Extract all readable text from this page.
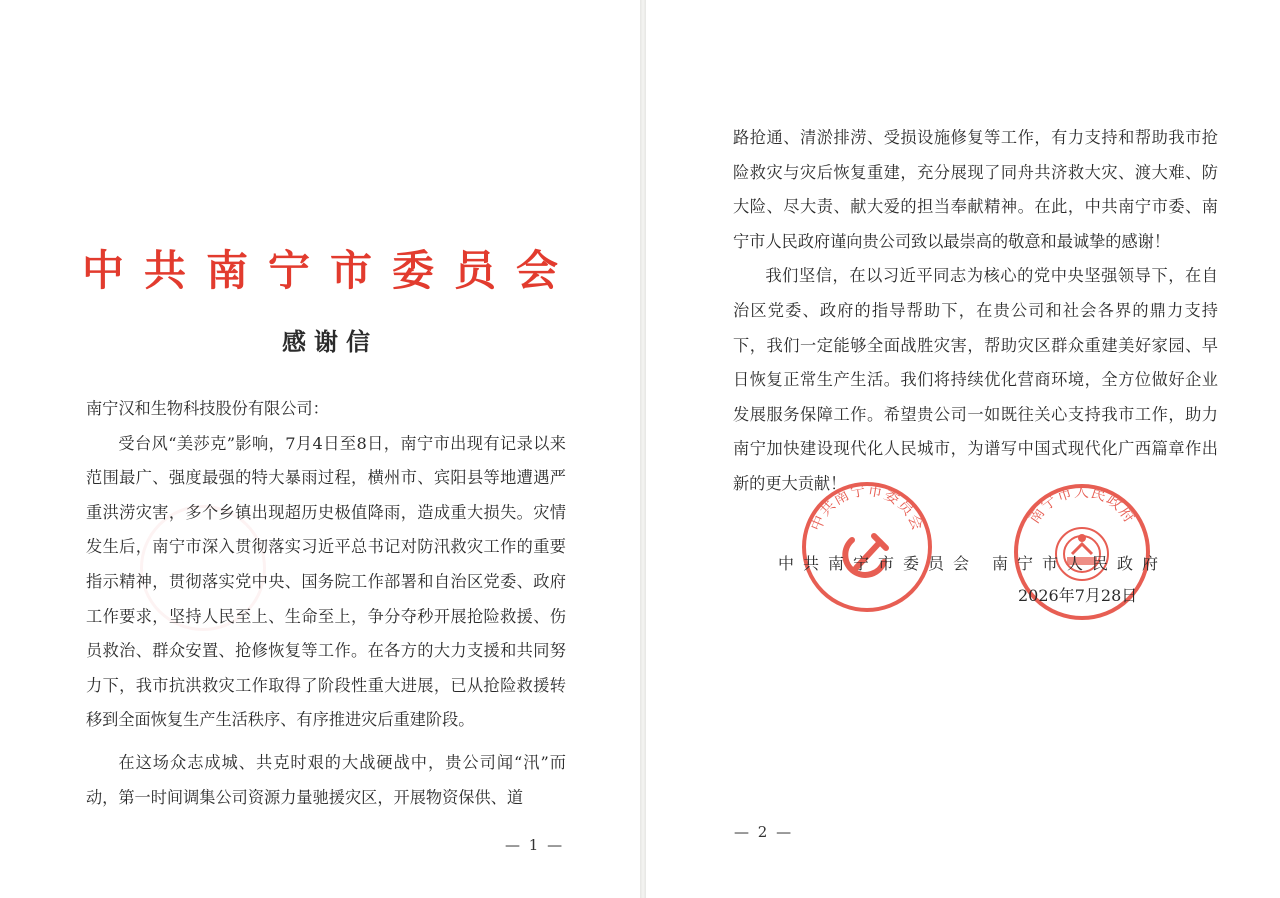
中共南宁市委员会
感谢信

南宁汉和生物科技股份有限公司：

受台风“美莎克”影响，7月4日至8日，南宁市出现有记录以来范围最广、强度最强的特大暴雨过程，横州市、宾阳县等地遭遇严重洪涝灾害，多个乡镇出现超历史极值降雨，造成重大损失。灾情发生后，南宁市深入贯彻落实习近平总书记对防汛救灾工作的重要指示精神，贯彻落实党中央、国务院工作部署和自治区党委、政府工作要求，坚持人民至上、生命至上，争分夺秒开展抢险救援、伤员救治、群众安置、抢修恢复等工作。在各方的大力支援和共同努力下，我市抗洪救灾工作取得了阶段性重大进展，已从抢险救援转移到全面恢复生产生活秩序、有序推进灾后重建阶段。

在这场众志成城、共克时艰的大战硬战中，贵公司闻“汛”而动，第一时间调集公司资源力量驰援灾区，开展物资保供、道

— 1 —

路抢通、清淤排涝、受损设施修复等工作，有力支持和帮助我市抢险救灾与灾后恢复重建，充分展现了同舟共济救大灾、渡大难、防大险、尽大责、献大爱的担当奉献精神。在此，中共南宁市委、南宁市人民政府谨向贵公司致以最崇高的敬意和最诚挚的感谢！

我们坚信，在以习近平同志为核心的党中央坚强领导下，在自治区党委、政府的指导帮助下，在贵公司和社会各界的鼎力支持下，我们一定能够全面战胜灾害，帮助灾区群众重建美好家园、早日恢复正常生产生活。我们将持续优化营商环境，全方位做好企业发展服务保障工作。希望贵公司一如既往关心支持我市工作，助力南宁加快建设现代化人民城市，为谱写中国式现代化广西篇章作出新的更大贡献！

中共南宁市委员会	南宁市人民政府
中共南宁市委员会 南宁市人民政府
2026年7月28日
— 2 —
